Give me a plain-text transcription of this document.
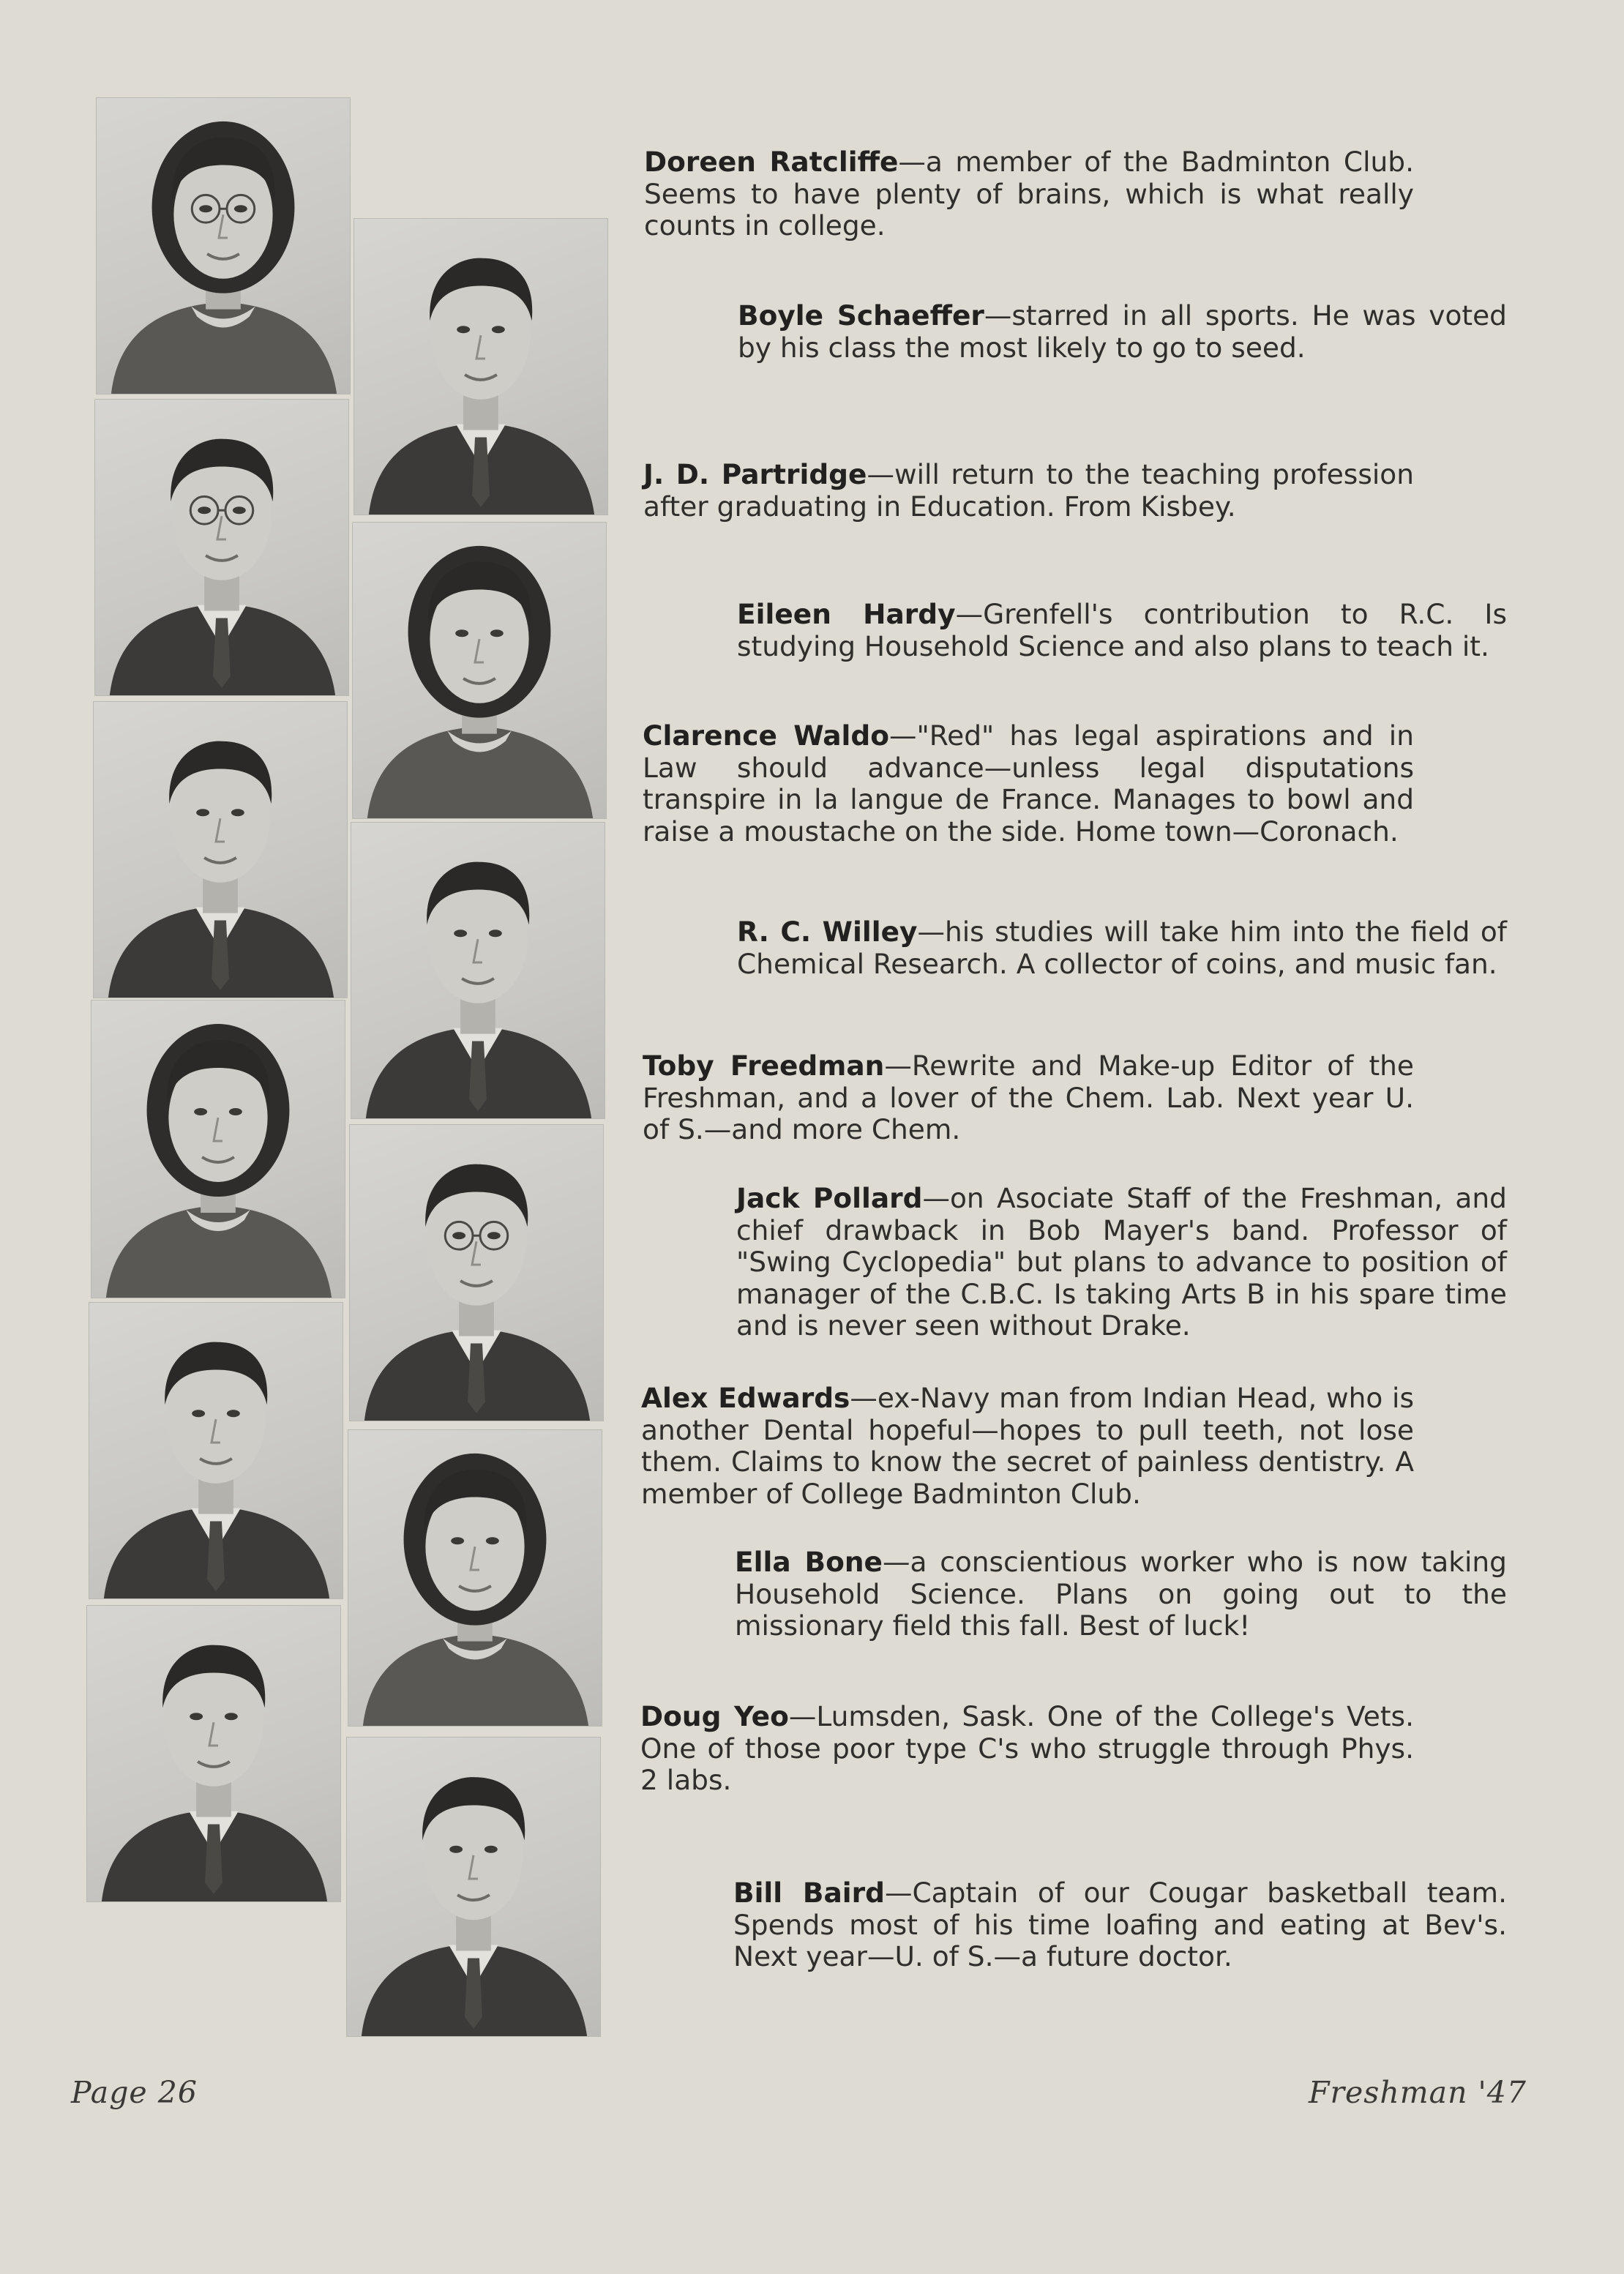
Doreen Ratcliffe—a member of the Badminton Club. Seems to have plenty of brains, which is what really counts in college.

Boyle Schaeffer—starred in all sports. He was voted by his class the most likely to go to seed.

J. D. Partridge—will return to the teaching profession after graduating in Education. From Kisbey.

Eileen Hardy—Grenfell's contribution to R.C. Is studying Household Science and also plans to teach it.

Clarence Waldo—"Red" has legal aspirations and in Law should advance—unless legal disputations transpire in la langue de France. Manages to bowl and raise a moustache on the side. Home town—Coronach.

R. C. Willey—his studies will take him into the field of Chemical Research. A collector of coins, and music fan.

Toby Freedman—Rewrite and Make-up Editor of the Freshman, and a lover of the Chem. Lab. Next year U. of S.—and more Chem.

Jack Pollard—on Asociate Staff of the Freshman, and chief drawback in Bob Mayer's band. Professor of "Swing Cyclopedia" but plans to advance to position of manager of the C.B.C. Is taking Arts B in his spare time and is never seen without Drake.

Alex Edwards—ex-Navy man from Indian Head, who is another Dental hopeful—hopes to pull teeth, not lose them. Claims to know the secret of painless dentistry. A member of College Badminton Club.

Ella Bone—a conscientious worker who is now taking Household Science. Plans on going out to the missionary field this fall. Best of luck!

Doug Yeo—Lumsden, Sask. One of the College's Vets. One of those poor type C's who struggle through Phys. 2 labs.

Bill Baird—Captain of our Cougar basketball team. Spends most of his time loafing and eating at Bev's. Next year—U. of S.—a future doctor.

Page 26	Freshman '47
